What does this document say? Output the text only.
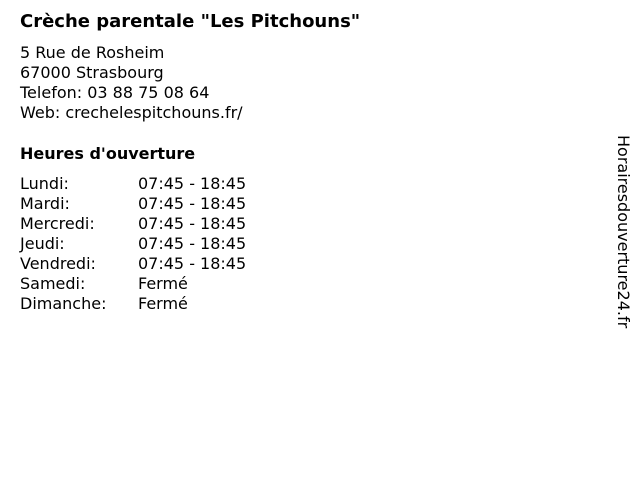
Crèche parentale "Les Pitchouns"
5 Rue de Rosheim
67000 Strasbourg
Telefon: 03 88 75 08 64
Web: crechelespitchouns.fr/
Heures d'ouverture
Lundi:	07:45 - 18:45
Mardi:	07:45 - 18:45
Mercredi:	07:45 - 18:45
Jeudi:	07:45 - 18:45
Vendredi:	07:45 - 18:45
Samedi:	Fermé
Dimanche:	Fermé	Horairesdouverture24.fr
